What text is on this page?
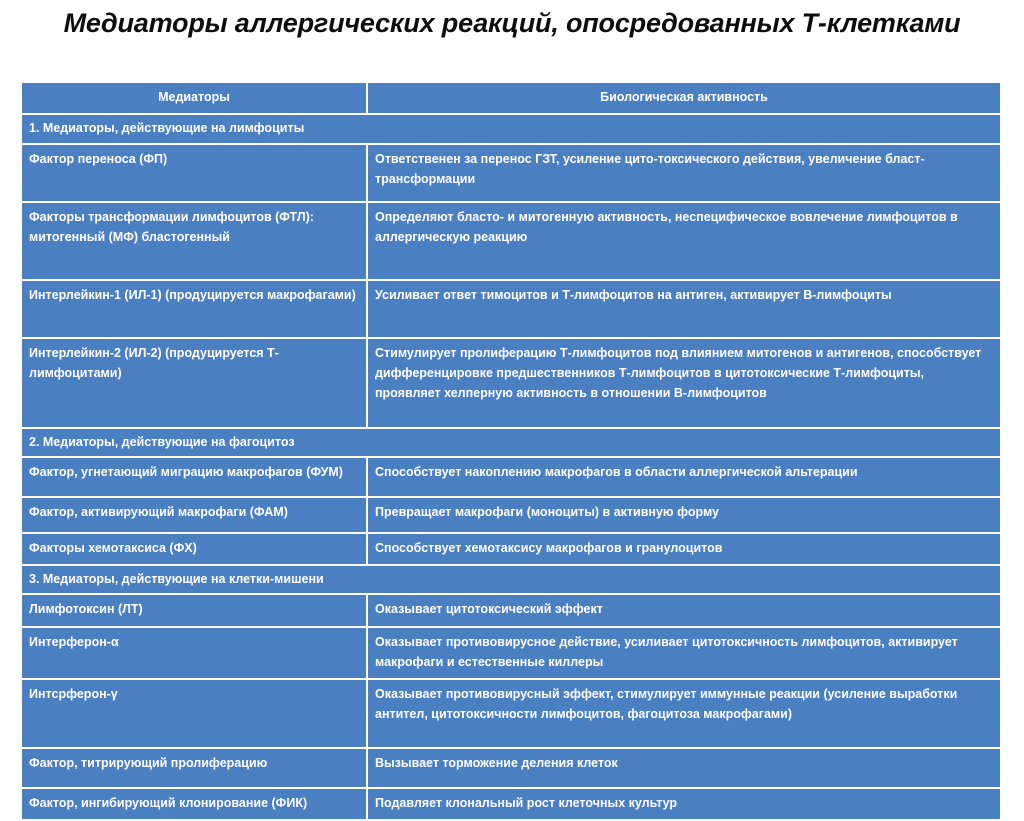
Медиаторы аллергических реакций, опосредованных Т-клетками
Медиаторы	Биологическая активность
1. Медиаторы, действующие на лимфоциты	
Фактор переноса (ФП)	Ответственен за перенос ГЗТ, усиление цито-токсического действия, увеличение бласт-трансформации
Факторы трансформации лимфоцитов (ФТЛ): митогенный (МФ) бластогенный	Определяют бласто- и митогенную активность, неспецифическое вовлечение лимфоцитов в аллергическую реакцию
Интерлейкин-1 (ИЛ-1) (продуцируется макрофагами)	Усиливает ответ тимоцитов и Т-лимфоцитов на антиген, активирует В-лимфоциты
Интерлейкин-2 (ИЛ-2) (продуцируется Т-лимфоцитами)	Стимулирует пролиферацию Т-лимфоцитов под влиянием митогенов и антигенов, способствует дифференцировке предшественников Т-лимфоцитов в цитотоксические Т-лимфоциты, проявляет хелперную активность в отношении В-лимфоцитов
2. Медиаторы, действующие на фагоцитоз	
Фактор, угнетающий миграцию макрофагов (ФУМ)	Способствует накоплению макрофагов в области аллергической альтерации
Фактор, активирующий макрофаги (ФАМ)	Превращает макрофаги (моноциты) в активную форму
Факторы хемотаксиса (ФХ)	Способствует хемотаксису макрофагов и гранулоцитов
3. Медиаторы, действующие на клетки-мишени	
Лимфотоксин (ЛТ)	Оказывает цитотоксический эффект
Интерферон-α	Оказывает противовирусное действие, усиливает цитотоксичность лимфоцитов, активирует макрофаги и естественные киллеры
Интсрферон-γ	Оказывает противовирусный эффект, стимулирует иммунные реакции (усиление выработки антител, цитотоксичности лимфоцитов, фагоцитоза макрофагами)
Фактор, титрирующий пролиферацию	Вызывает торможение деления клеток
Фактор, ингибирующий клонирование (ФИК)	Подавляет клональный рост клеточных культур
